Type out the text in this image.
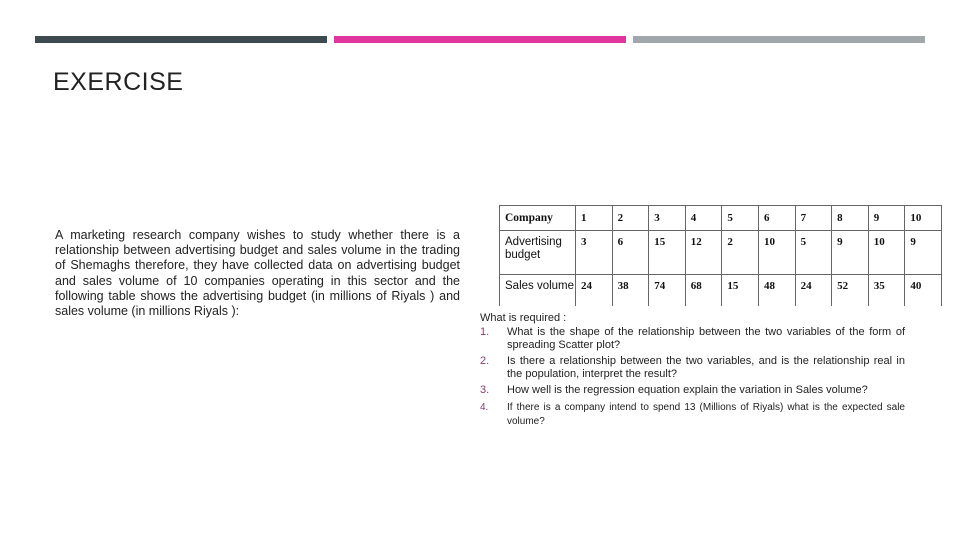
EXERCISE
A marketing research company wishes to study whether there is a relationship between advertising budget and sales volume in the trading of Shemaghs therefore, they have collected data on advertising budget and sales volume of 10 companies operating in this sector and the following table shows the advertising budget (in millions of Riyals ) and sales volume (in millions Riyals ):
Company	1	2	3	4	5	6	7	8	9	10
Advertising budget	3	6	15	12	2	10	5	9	10	9
Sales volume	24	38	74	68	15	48	24	52	35	40
What is required :
1. What is the shape of the relationship between the two variables of the form of spreading Scatter plot?
2. Is there a relationship between the two variables, and is the relationship real in the population, interpret the result?
3. How well is the regression equation explain the variation in Sales volume?
4. If there is a company intend to spend 13 (Millions of Riyals) what is the expected sale volume?
